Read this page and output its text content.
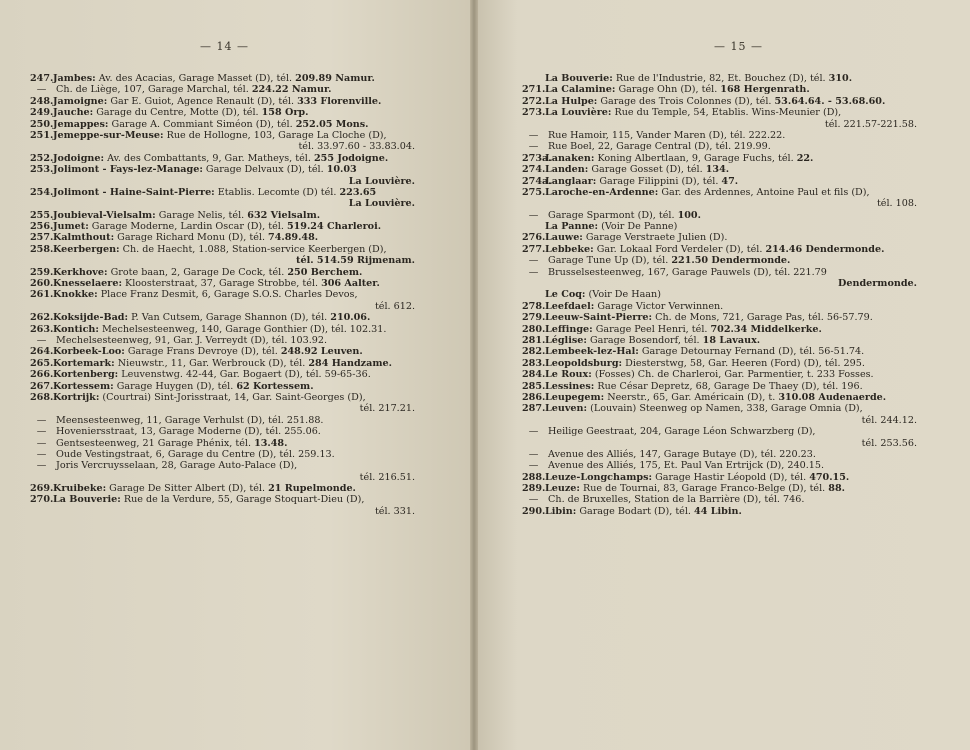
— 14 —
247.Jambes: Av. des Acacias, Garage Masset (D), tél. 209.89 Namur.
— Ch. de Liège, 107, Garage Marchal, tél. 224.22 Namur.
248.Jamoigne: Gar E. Guiot, Agence Renault (D), tél. 333 Florenville.
249.Jauche: Garage du Centre, Motte (D), tél. 158 Orp.
250.Jemappes: Garage A. Commiant Siméon (D), tél. 252.05 Mons.
251.Jemeppe-sur-Meuse: Rue de Hollogne, 103, Garage La Cloche (D),
tél. 33.97.60 - 33.83.04.
252.Jodoigne: Av. des Combattants, 9, Gar. Matheys, tél. 255 Jodoigne.
253.Jolimont - Fays-lez-Manage: Garage Delvaux (D), tél. 10.03
La Louvière.
254.Jolimont - Haine-Saint-Pierre: Etablis. Lecomte (D) tél. 223.65
La Louvière.
255.Joubieval-Vielsalm: Garage Nelis, tél. 632 Vielsalm.
256.Jumet: Garage Moderne, Lardin Oscar (D), tél. 519.24 Charleroi.
257.Kalmthout: Garage Richard Monu (D), tél. 74.89.48.
258.Keerbergen: Ch. de Haecht, 1.088, Station-service Keerbergen (D),
tél. 514.59 Rijmenam.
259.Kerkhove: Grote baan, 2, Garage De Cock, tél. 250 Berchem.
260.Knesselaere: Kloosterstraat, 37, Garage Strobbe, tél. 306 Aalter.
261.Knokke: Place Franz Desmit, 6, Garage S.O.S. Charles Devos,
tél. 612.
262.Koksijde-Bad: P. Van Cutsem, Garage Shannon (D), tél. 210.06.
263.Kontich: Mechelsesteenweg, 140, Garage Gonthier (D), tél. 102.31.
— Mechelsesteenweg, 91, Gar. J. Verreydt (D), tél. 103.92.
264.Korbeek-Loo: Garage Frans Devroye (D), tél. 248.92 Leuven.
265.Kortemark: Nieuwstr., 11, Gar. Werbrouck (D), tél. 284 Handzame.
266.Kortenberg: Leuvenstwg. 42-44, Gar. Bogaert (D), tél. 59-65-36.
267.Kortessem: Garage Huygen (D), tél. 62 Kortessem.
268.Kortrijk: (Courtrai) Sint-Jorisstraat, 14, Gar. Saint-Georges (D),
tél. 217.21.
— Meensesteenweg, 11, Garage Verhulst (D), tél. 251.88.
— Hoveniersstraat, 13, Garage Moderne (D), tél. 255.06.
— Gentsesteenweg, 21 Garage Phénix, tél. 13.48.
— Oude Vestingstraat, 6, Garage du Centre (D), tél. 259.13.
— Joris Vercruysselaan, 28, Garage Auto-Palace (D),
tél. 216.51.
269.Kruibeke: Garage De Sitter Albert (D), tél. 21 Rupelmonde.
270.La Bouverie: Rue de la Verdure, 55, Garage Stoquart-Dieu (D),
tél. 331.
— 15 —
La Bouverie: Rue de l'Industrie, 82, Et. Bouchez (D), tél. 310.
271.La Calamine: Garage Ohn (D), tél. 168 Hergenrath.
272.La Hulpe: Garage des Trois Colonnes (D), tél. 53.64.64. - 53.68.60.
273.La Louvière: Rue du Temple, 54, Etablis. Wins-Meunier (D),
tél. 221.57-221.58.
— Rue Hamoir, 115, Vander Maren (D), tél. 222.22.
— Rue Boel, 22, Garage Central (D), tél. 219.99.
273a.Lanaken: Koning Albertlaan, 9, Garage Fuchs, tél. 22.
274.Landen: Garage Gosset (D), tél. 134.
274a.Langlaar: Garage Filippini (D), tél. 47.
275.Laroche-en-Ardenne: Gar. des Ardennes, Antoine Paul et fils (D),
tél. 108.
— Garage Sparmont (D), tél. 100.
La Panne: (Voir De Panne)
276.Lauwe: Garage Verstraete Julien (D).
277.Lebbeke: Gar. Lokaal Ford Verdeler (D), tél. 214.46 Dendermonde.
— Garage Tune Up (D), tél. 221.50 Dendermonde.
— Brusselsesteenweg, 167, Garage Pauwels (D), tél. 221.79
Dendermonde.
Le Coq: (Voir De Haan)
278.Leefdael: Garage Victor Verwinnen.
279.Leeuw-Saint-Pierre: Ch. de Mons, 721, Garage Pas, tél. 56-57.79.
280.Leffinge: Garage Peel Henri, tél. 702.34 Middelkerke.
281.Léglise: Garage Bosendorf, tél. 18 Lavaux.
282.Lembeek-lez-Hal: Garage Detournay Fernand (D), tél. 56-51.74.
283.Leopoldsburg: Diesterstwg, 58, Gar. Heeren (Ford) (D), tél. 295.
284.Le Roux: (Fosses) Ch. de Charleroi, Gar. Parmentier, t. 233 Fosses.
285.Lessines: Rue César Depretz, 68, Garage De Thaey (D), tél. 196.
286.Leupegem: Neerstr., 65, Gar. Américain (D), t. 310.08 Audenaerde.
287.Leuven: (Louvain) Steenweg op Namen, 338, Garage Omnia (D),
tél. 244.12.
— Heilige Geestraat, 204, Garage Léon Schwarzberg (D),
tél. 253.56.
— Avenue des Alliés, 147, Garage Butaye (D), tél. 220.23.
— Avenue des Alliés, 175, Et. Paul Van Ertrijck (D), 240.15.
288.Leuze-Longchamps: Garage Hastir Léopold (D), tél. 470.15.
289.Leuze: Rue de Tournai, 83, Garage Franco-Belge (D), tél. 88.
— Ch. de Bruxelles, Station de la Barrière (D), tél. 746.
290.Libin: Garage Bodart (D), tél. 44 Libin.
